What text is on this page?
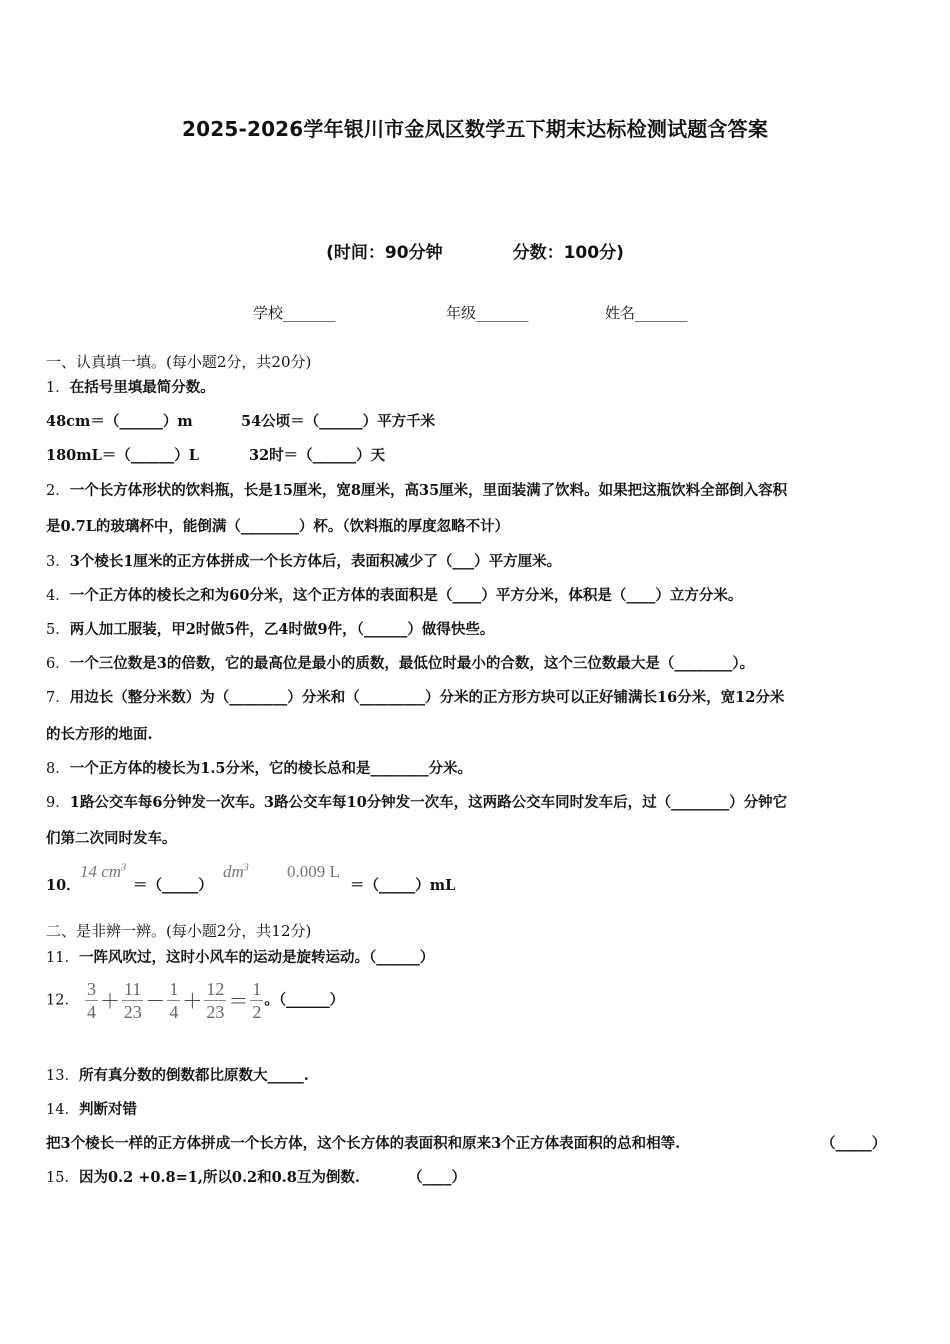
2025-2026学年银川市金凤区数学五下期末达标检测试题含答案
(时间：90分钟	分数：100分)
学校_______	年级_______	姓名_______
一、认真填一填。(每小题2分，共20分)
1．在括号里填最简分数。
48cm＝（______）m	54公顷＝（______）平方千米
180mL＝（______）L	32时＝（______）天
2．一个长方体形状的饮料瓶，长是15厘米，宽8厘米，高35厘米，里面装满了饮料。如果把这瓶饮料全部倒入容积
是0.7L的玻璃杯中，能倒满（________）杯。（饮料瓶的厚度忽略不计）
3．3个棱长1厘米的正方体拼成一个长方体后，表面积减少了（___）平方厘米。
4．一个正方体的棱长之和为60分米，这个正方体的表面积是（____）平方分米，体积是（____）立方分米。
5．两人加工服装，甲2时做5件，乙4时做9件，（______）做得快些。
6．一个三位数是3的倍数，它的最高位是最小的质数，最低位时最小的合数，这个三位数最大是（________）。
7．用边长（整分米数）为（________）分米和（_________）分米的正方形方块可以正好铺满长16分米，宽12分米
的长方形的地面.
8．一个正方体的棱长为1.5分米，它的棱长总和是________分米。
9．1路公交车每6分钟发一次车。3路公交车每10分钟发一次车，这两路公交车同时发车后，过（________）分钟它
们第二次同时发车。
10．
14 $cm^3$
＝（_____）
$dm^3$ 0.009 L
＝（_____）mL
二、是非辨一辨。(每小题2分，共12分)
11．一阵风吹过，这时小风车的运动是旋转运动。（______）
12． $\frac{3}{4} + \frac{11}{23} - \frac{1}{4} + \frac{12}{23} = \frac{1}{2}$ 。（______）
13．所有真分数的倒数都比原数大_____.
14．判断对错
把3个棱长一样的正方体拼成一个长方体，这个长方体的表面积和原来3个正方体表面积的总和相等.	（_____）
15．因为0.2 +0.8=1,所以0.2和0.8互为倒数.	（____）
